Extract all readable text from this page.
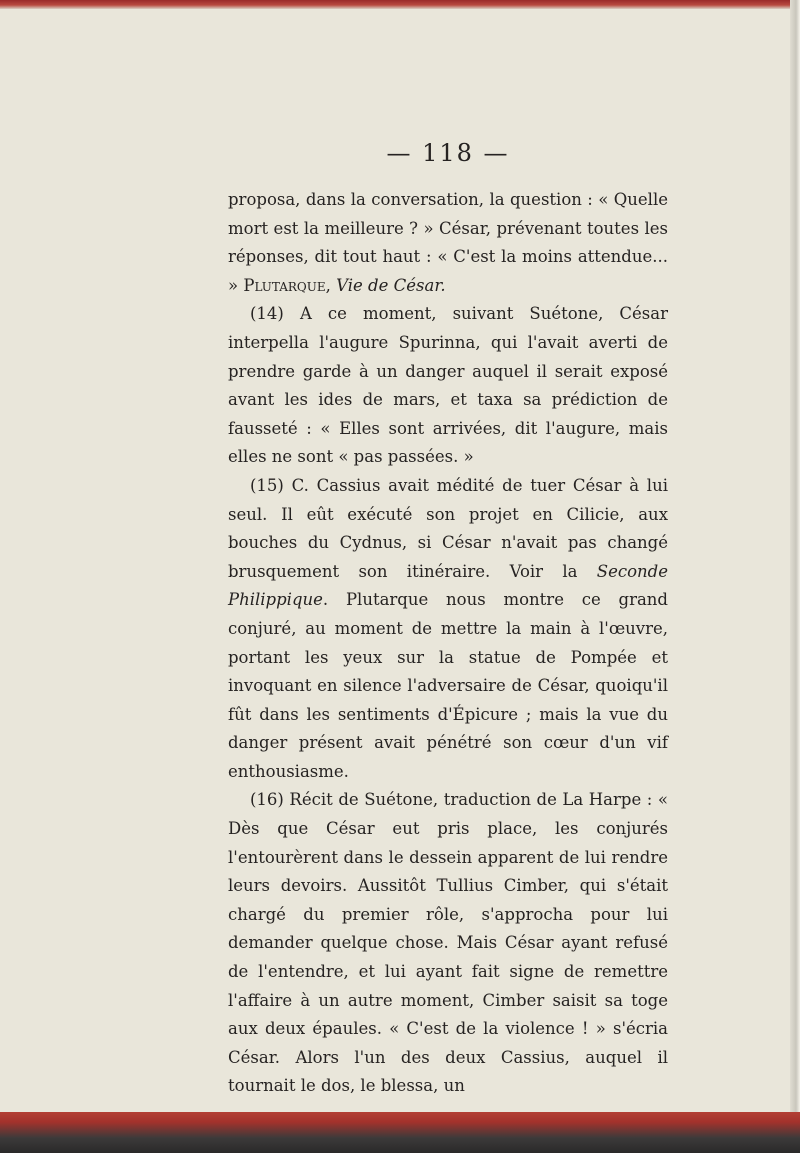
— 118 —

proposa, dans la conversation, la question : « Quelle mort est la meilleure ? » César, prévenant toutes les réponses, dit tout haut : « C'est la moins attendue... » Plutarque, Vie de César.

(14) A ce moment, suivant Suétone, César interpella l'augure Spurinna, qui l'avait averti de prendre garde à un danger auquel il serait exposé avant les ides de mars, et taxa sa prédiction de fausseté : « Elles sont arrivées, dit l'augure, mais elles ne sont « pas passées. »

(15) C. Cassius avait médité de tuer César à lui seul. Il eût exécuté son projet en Cilicie, aux bouches du Cydnus, si César n'avait pas changé brusquement son itinéraire. Voir la Seconde Philippique. Plutarque nous montre ce grand conjuré, au moment de mettre la main à l'œuvre, portant les yeux sur la statue de Pompée et invoquant en silence l'adversaire de César, quoiqu'il fût dans les sentiments d'Épicure ; mais la vue du danger présent avait pénétré son cœur d'un vif enthousiasme.

(16) Récit de Suétone, traduction de La Harpe : « Dès que César eut pris place, les conjurés l'entourèrent dans le dessein apparent de lui rendre leurs devoirs. Aussitôt Tullius Cimber, qui s'était chargé du premier rôle, s'approcha pour lui demander quelque chose. Mais César ayant refusé de l'entendre, et lui ayant fait signe de remettre l'affaire à un autre moment, Cimber saisit sa toge aux deux épaules. « C'est de la violence ! » s'écria César. Alors l'un des deux Cassius, auquel il tournait le dos, le blessa, un
